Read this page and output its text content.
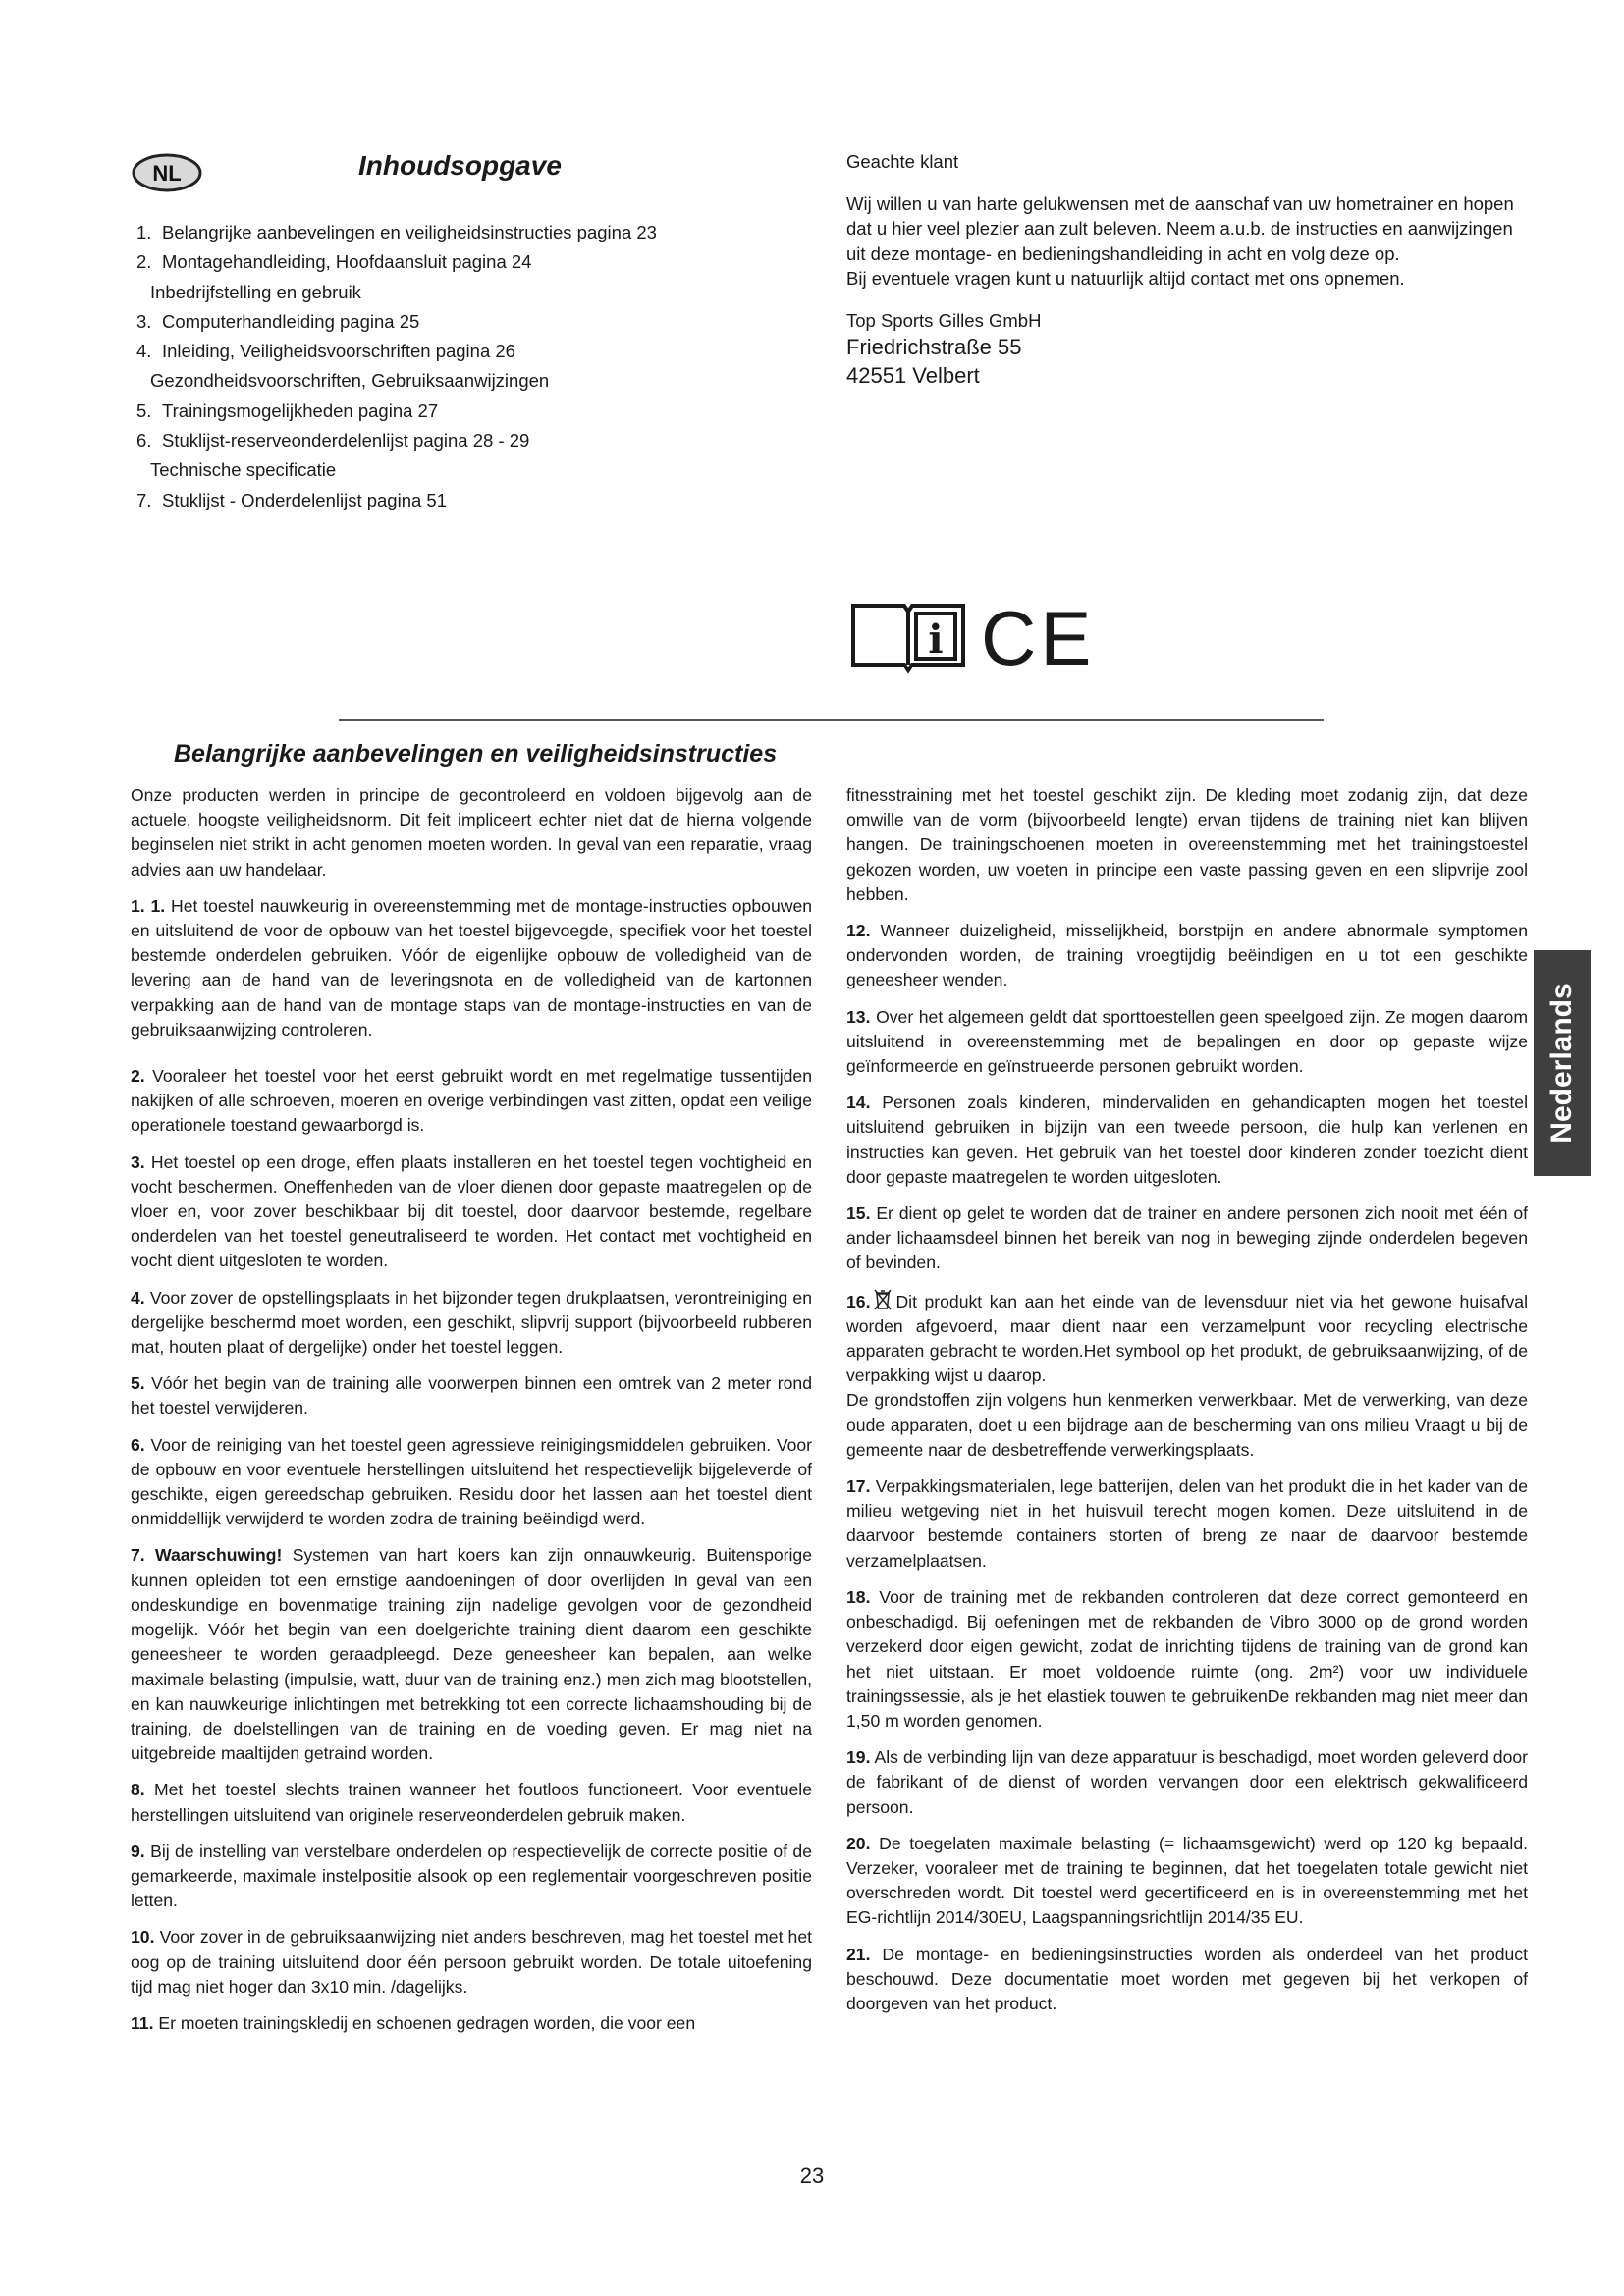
NL	Inhoudsopgave
1. Belangrijke aanbevelingen en veiligheidsinstructies pagina 23
2. Montagehandleiding, Hoofdaansluit pagina 24
Inbedrijfstelling en gebruik
3. Computerhandleiding pagina 25
4. Inleiding, Veiligheidsvoorschriften pagina 26
Gezondheidsvoorschriften, Gebruiksaanwijzingen
5. Trainingsmogelijkheden pagina 27
6. Stuklijst-reserveonderdelenlijst pagina 28 - 29
Technische specificatie
7. Stuklijst - Onderdelenlijst pagina 51

Geachte klant

Wij willen u van harte gelukwensen met de aanschaf van uw hometrainer en hopen dat u hier veel plezier aan zult beleven. Neem a.u.b. de instructies en aanwijzingen uit deze montage- en bedieningshandleiding in acht en volg deze op.

Bij eventuele vragen kunt u natuurlijk altijd contact met ons opnemen.

Top Sports Gilles GmbH

Friedrichstraße 55

42551 Velbert

i CE
Belangrijke aanbevelingen en veiligheidsinstructies

Onze producten werden in principe de gecontroleerd en voldoen bijgevolg aan de actuele, hoogste veiligheidsnorm. Dit feit impliceert echter niet dat de hierna volgende beginselen niet strikt in acht genomen moeten worden. In geval van een reparatie, vraag advies aan uw handelaar.

1. 1. Het toestel nauwkeurig in overeenstemming met de montage-instructies opbouwen en uitsluitend de voor de opbouw van het toestel bijgevoegde, specifiek voor het toestel bestemde onderdelen gebruiken. Vóór de eigenlijke opbouw de volledigheid van de levering aan de hand van de leveringsnota en de volledigheid van de kartonnen verpakking aan de hand van de montage staps van de montage-instructies en van de gebruiksaanwijzing controleren.

2. Vooraleer het toestel voor het eerst gebruikt wordt en met regelmatige tussentijden nakijken of alle schroeven, moeren en overige verbindingen vast zitten, opdat een veilige operationele toestand gewaarborgd is.

3. Het toestel op een droge, effen plaats installeren en het toestel tegen vochtigheid en vocht beschermen. Oneffenheden van de vloer dienen door gepaste maatregelen op de vloer en, voor zover beschikbaar bij dit toestel, door daarvoor bestemde, regelbare onderdelen van het toestel geneutraliseerd te worden. Het contact met vochtigheid en vocht dient uitgesloten te worden.

4. Voor zover de opstellingsplaats in het bijzonder tegen drukplaatsen, verontreiniging en dergelijke beschermd moet worden, een geschikt, slipvrij support (bijvoorbeeld rubberen mat, houten plaat of dergelijke) onder het toestel leggen.

5. Vóór het begin van de training alle voorwerpen binnen een omtrek van 2 meter rond het toestel verwijderen.

6. Voor de reiniging van het toestel geen agressieve reinigingsmiddelen gebruiken. Voor de opbouw en voor eventuele herstellingen uitsluitend het respectievelijk bijgeleverde of geschikte, eigen gereedschap gebruiken. Residu door het lassen aan het toestel dient onmiddellijk verwijderd te worden zodra de training beëindigd werd.

7. Waarschuwing! Systemen van hart koers kan zijn onnauwkeurig. Buitensporige kunnen opleiden tot een ernstige aandoeningen of door overlijden In geval van een ondeskundige en bovenmatige training zijn nadelige gevolgen voor de gezondheid mogelijk. Vóór het begin van een doelgerichte training dient daarom een geschikte geneesheer te worden geraadpleegd. Deze geneesheer kan bepalen, aan welke maximale belasting (impulsie, watt, duur van de training enz.) men zich mag blootstellen, en kan nauwkeurige inlichtingen met betrekking tot een correcte lichaamshouding bij de training, de doelstellingen van de training en de voeding geven. Er mag niet na uitgebreide maaltijden getraind worden.

8. Met het toestel slechts trainen wanneer het foutloos functioneert. Voor eventuele herstellingen uitsluitend van originele reserveonderdelen gebruik maken.

9. Bij de instelling van verstelbare onderdelen op respectievelijk de correcte positie of de gemarkeerde, maximale instelpositie alsook op een reglementair voorgeschreven positie letten.

10. Voor zover in de gebruiksaanwijzing niet anders beschreven, mag het toestel met het oog op de training uitsluitend door één persoon gebruikt worden. De totale uitoefening tijd mag niet hoger dan 3x10 min. /dagelijks.

11. Er moeten trainingskledij en schoenen gedragen worden, die voor een

fitnesstraining met het toestel geschikt zijn. De kleding moet zodanig zijn, dat deze omwille van de vorm (bijvoorbeeld lengte) ervan tijdens de training niet kan blijven hangen. De trainingschoenen moeten in overeenstemming met het trainingstoestel gekozen worden, uw voeten in principe een vaste passing geven en een slipvrije zool hebben.

12. Wanneer duizeligheid, misselijkheid, borstpijn en andere abnormale symptomen ondervonden worden, de training vroegtijdig beëindigen en u tot een geschikte geneesheer wenden.

13. Over het algemeen geldt dat sporttoestellen geen speelgoed zijn. Ze mogen daarom uitsluitend in overeenstemming met de bepalingen en door op gepaste wijze geïnformeerde en geïnstrueerde personen gebruikt worden.

14. Personen zoals kinderen, mindervaliden en gehandicapten mogen het toestel uitsluitend gebruiken in bijzijn van een tweede persoon, die hulp kan verlenen en instructies kan geven. Het gebruik van het toestel door kinderen zonder toezicht dient door gepaste maatregelen te worden uitgesloten.

15. Er dient op gelet te worden dat de trainer en andere personen zich nooit met één of ander lichaamsdeel binnen het bereik van nog in beweging zijnde onderdelen begeven of bevinden.

16. Dit produkt kan aan het einde van de levensduur niet via het gewone huisafval worden afgevoerd, maar dient naar een verzamelpunt voor recycling electrische apparaten gebracht te worden.Het symbool op het produkt, de gebruiksaanwijzing, of de verpakking wijst u daarop.
De grondstoffen zijn volgens hun kenmerken verwerkbaar. Met de verwerking, van deze oude apparaten, doet u een bijdrage aan de bescherming van ons milieu Vraagt u bij de gemeente naar de desbetreffende verwerkingsplaats.

17. Verpakkingsmaterialen, lege batterijen, delen van het produkt die in het kader van de milieu wetgeving niet in het huisvuil terecht mogen komen. Deze uitsluitend in de daarvoor bestemde containers storten of breng ze naar de daarvoor bestemde verzamelplaatsen.

18. Voor de training met de rekbanden controleren dat deze correct gemonteerd en onbeschadigd. Bij oefeningen met de rekbanden de Vibro 3000 op de grond worden verzekerd door eigen gewicht, zodat de inrichting tijdens de training van de grond kan het niet uitstaan. Er moet voldoende ruimte (ong. 2m²) voor uw individuele trainingssessie, als je het elastiek touwen te gebruikenDe rekbanden mag niet meer dan 1,50 m worden genomen.

19. Als de verbinding lijn van deze apparatuur is beschadigd, moet worden geleverd door de fabrikant of de dienst of worden vervangen door een elektrisch gekwalificeerd persoon.

20. De toegelaten maximale belasting (= lichaamsgewicht) werd op 120 kg bepaald. Verzeker, vooraleer met de training te beginnen, dat het toegelaten totale gewicht niet overschreden wordt. Dit toestel werd gecertificeerd en is in overeenstemming met het EG-richtlijn 2014/30EU, Laagspanningsrichtlijn 2014/35 EU.

21. De montage- en bedieningsinstructies worden als onderdeel van het product beschouwd. Deze documentatie moet worden met gegeven bij het verkopen of doorgeven van het product.

Nederlands
23
